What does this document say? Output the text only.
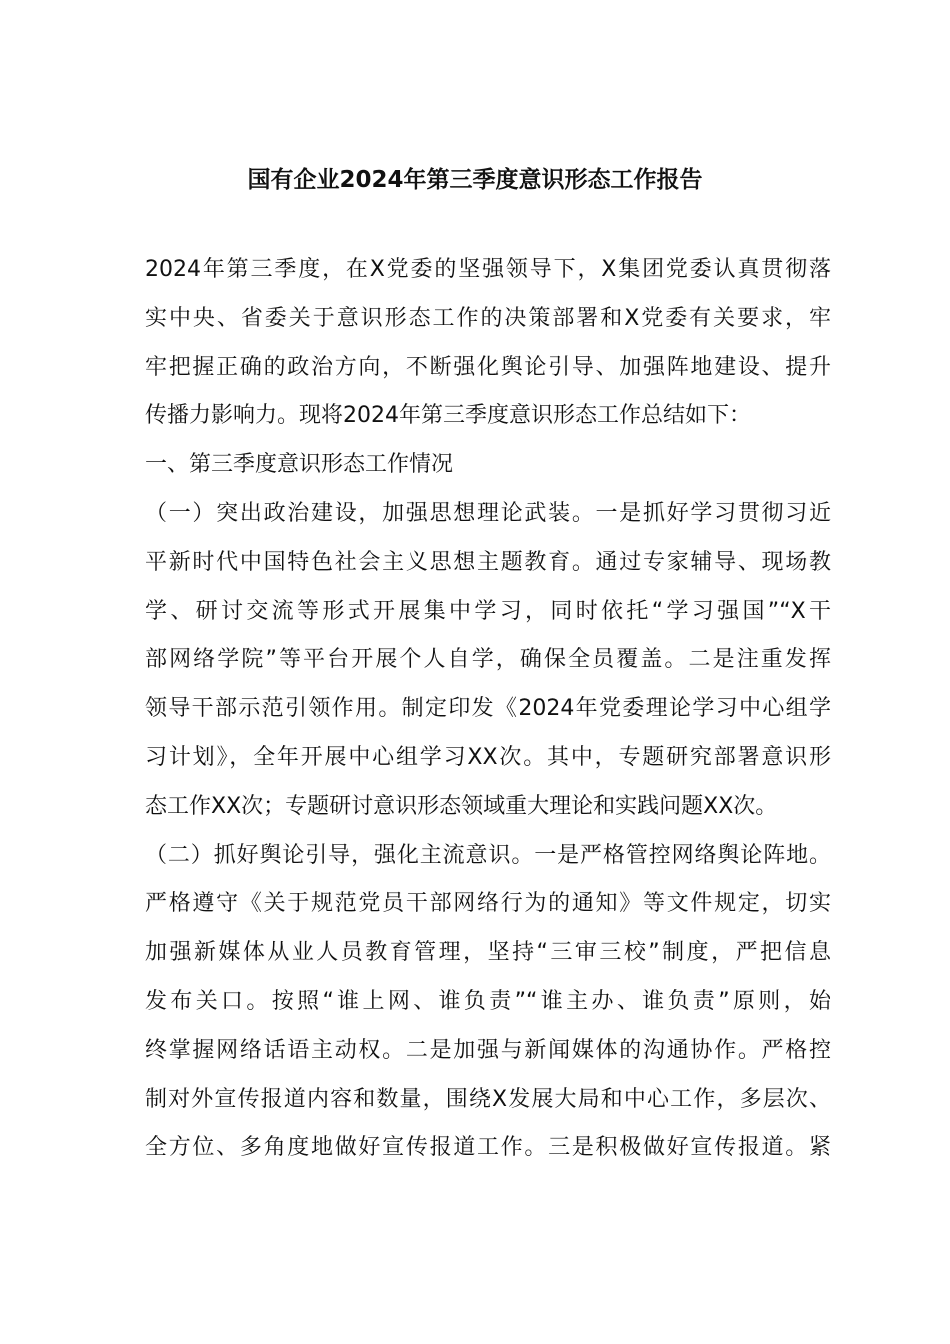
国有企业2024年第三季度意识形态工作报告
2024年第三季度，在X党委的坚强领导下，X集团党委认真贯彻落
实中央、省委关于意识形态工作的决策部署和X党委有关要求，牢
牢把握正确的政治方向，不断强化舆论引导、加强阵地建设、提升
传播力影响力。现将2024年第三季度意识形态工作总结如下：
一、第三季度意识形态工作情况
（一）突出政治建设，加强思想理论武装。一是抓好学习贯彻习近
平新时代中国特色社会主义思想主题教育。通过专家辅导、现场教
学、研讨交流等形式开展集中学习，同时依托“学习强国”“X干
部网络学院”等平台开展个人自学，确保全员覆盖。二是注重发挥
领导干部示范引领作用。制定印发《2024年党委理论学习中心组学
习计划》，全年开展中心组学习XX次。其中，专题研究部署意识形
态工作XX次；专题研讨意识形态领域重大理论和实践问题XX次。
（二）抓好舆论引导，强化主流意识。一是严格管控网络舆论阵地。
严格遵守《关于规范党员干部网络行为的通知》等文件规定，切实
加强新媒体从业人员教育管理，坚持“三审三校”制度，严把信息
发布关口。按照“谁上网、谁负责”“谁主办、谁负责”原则，始
终掌握网络话语主动权。二是加强与新闻媒体的沟通协作。严格控
制对外宣传报道内容和数量，围绕X发展大局和中心工作，多层次、
全方位、多角度地做好宣传报道工作。三是积极做好宣传报道。紧
